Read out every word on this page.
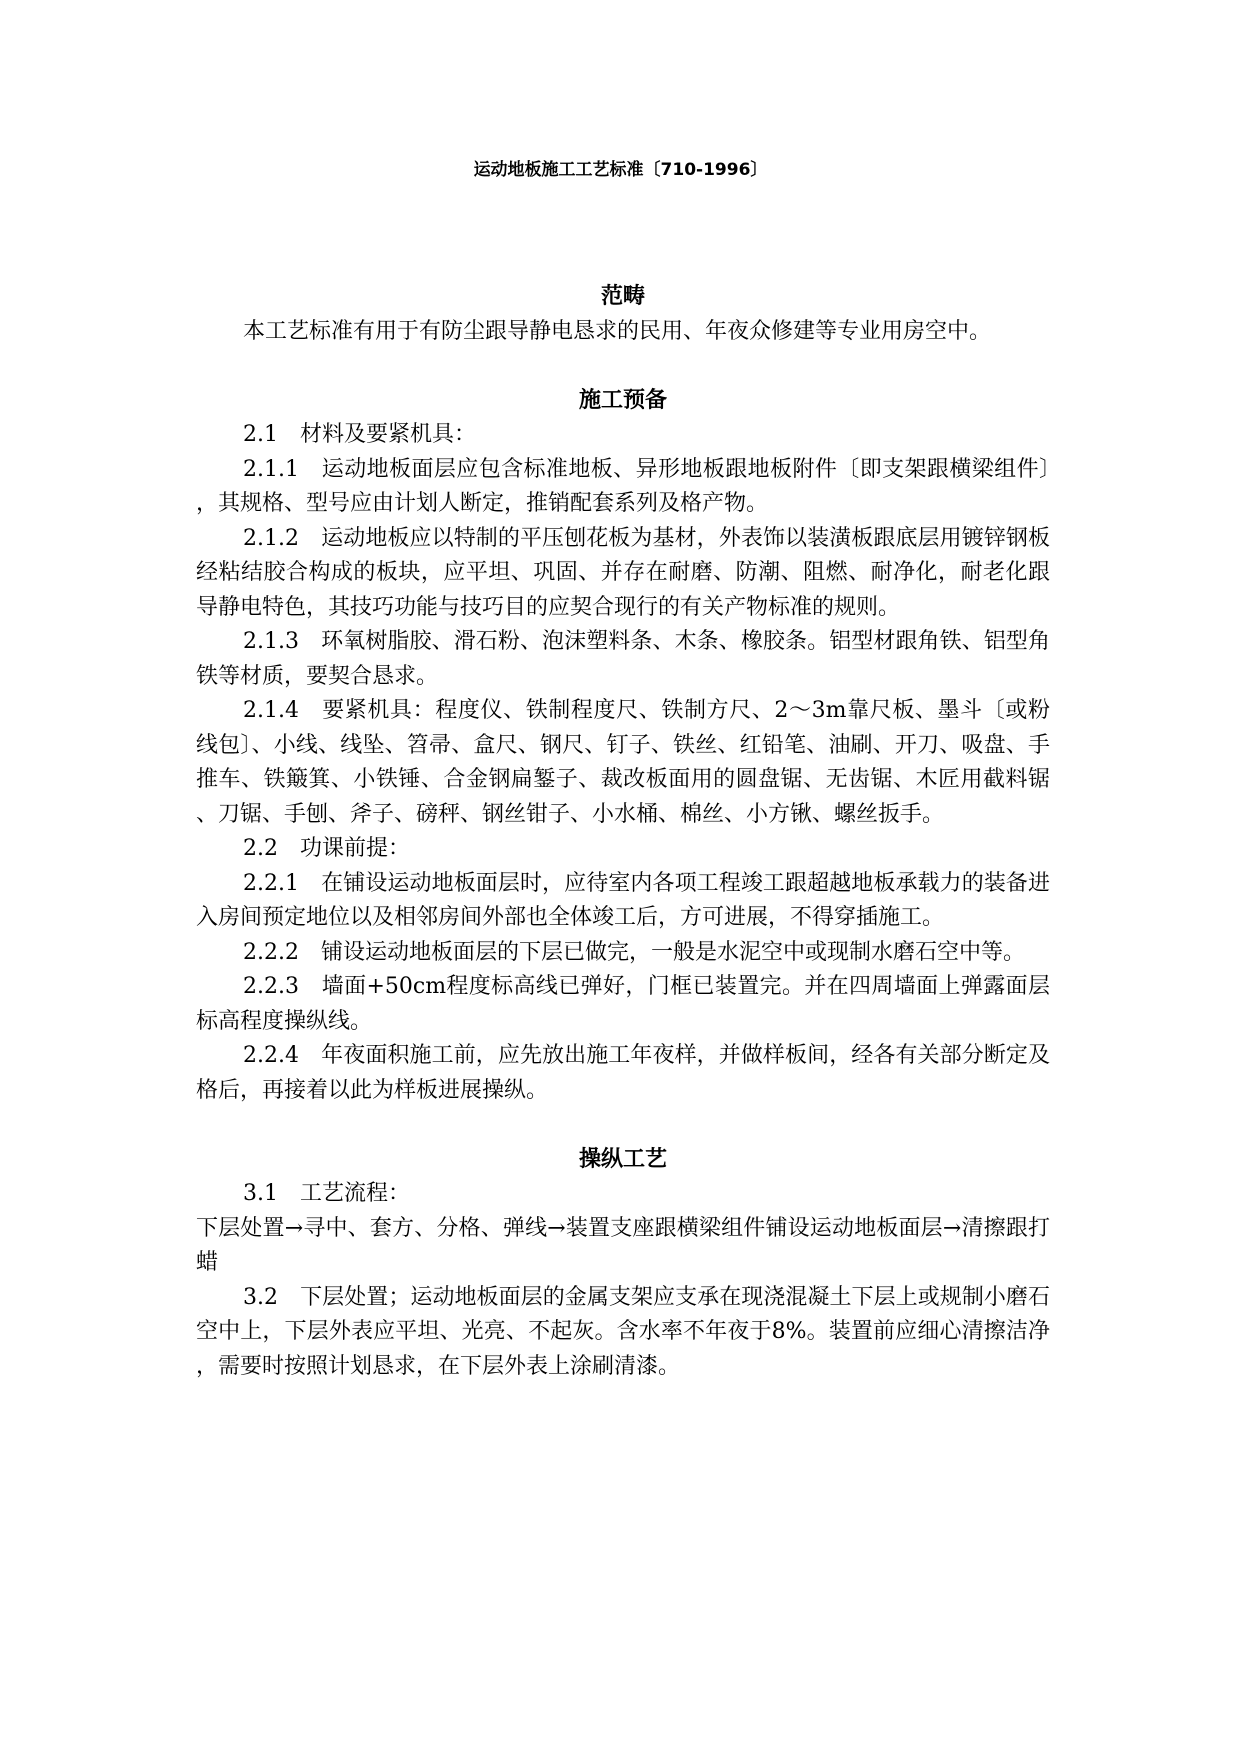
运动地板施工工艺标准〔710-1996〕
范畴

本工艺标准有用于有防尘跟导静电恳求的民用、年夜众修建等专业用房空中。

施工预备

2.1　材料及要紧机具：

2.1.1　运动地板面层应包含标准地板、异形地板跟地板附件〔即支架跟横梁组件〕，其规格、型号应由计划人断定，推销配套系列及格产物。

2.1.2　运动地板应以特制的平压刨花板为基材，外表饰以装潢板跟底层用镀锌钢板经粘结胶合构成的板块，应平坦、巩固、并存在耐磨、防潮、阻燃、耐净化，耐老化跟导静电特色，其技巧功能与技巧目的应契合现行的有关产物标准的规则。

2.1.3　环氧树脂胶、滑石粉、泡沫塑料条、木条、橡胶条。铝型材跟角铁、铝型角铁等材质，要契合恳求。

2.1.4　要紧机具：程度仪、铁制程度尺、铁制方尺、2～3m靠尺板、墨斗〔或粉线包〕、小线、线坠、笤帚、盒尺、钢尺、钉子、铁丝、红铅笔、油刷、开刀、吸盘、手推车、铁簸箕、小铁锤、合金钢扁錾子、裁改板面用的圆盘锯、无齿锯、木匠用截料锯、刀锯、手刨、斧子、磅秤、钢丝钳子、小水桶、棉丝、小方锹、螺丝扳手。

2.2　功课前提：

2.2.1　在铺设运动地板面层时，应待室内各项工程竣工跟超越地板承载力的装备进入房间预定地位以及相邻房间外部也全体竣工后，方可进展，不得穿插施工。

2.2.2　铺设运动地板面层的下层已做完，一般是水泥空中或现制水磨石空中等。

2.2.3　墙面+50cm程度标高线已弹好，门框已装置完。并在四周墙面上弹露面层标高程度操纵线。

2.2.4　年夜面积施工前，应先放出施工年夜样，并做样板间，经各有关部分断定及格后，再接着以此为样板进展操纵。

操纵工艺

3.1　工艺流程：

下层处置→寻中、套方、分格、弹线→装置支座跟横梁组件铺设运动地板面层→清擦跟打蜡

3.2　下层处置；运动地板面层的金属支架应支承在现浇混凝土下层上或规制小磨石空中上，下层外表应平坦、光亮、不起灰。含水率不年夜于8%。装置前应细心清擦洁净，需要时按照计划恳求，在下层外表上涂刷清漆。
